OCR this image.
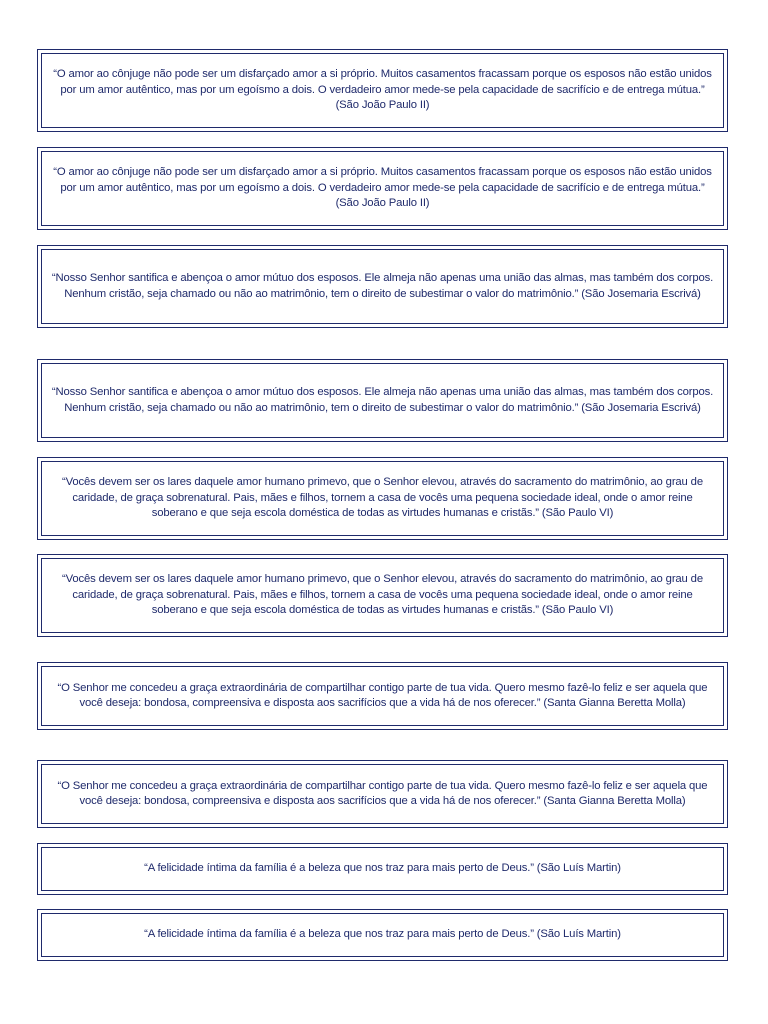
“O amor ao cônjuge não pode ser um disfarçado amor a si próprio. Muitos casamentos fracassam porque os esposos não estão unidos por um amor autêntico, mas por um egoísmo a dois. O verdadeiro amor mede-se pela capacidade de sacrifício e de entrega mútua.” (São João Paulo II)

“O amor ao cônjuge não pode ser um disfarçado amor a si próprio. Muitos casamentos fracassam porque os esposos não estão unidos por um amor autêntico, mas por um egoísmo a dois. O verdadeiro amor mede-se pela capacidade de sacrifício e de entrega mútua.” (São João Paulo II)

“Nosso Senhor santifica e abençoa o amor mútuo dos esposos. Ele almeja não apenas uma união das almas, mas também dos corpos. Nenhum cristão, seja chamado ou não ao matrimônio, tem o direito de subestimar o valor do matrimônio.” (São Josemaria Escrivá)

“Nosso Senhor santifica e abençoa o amor mútuo dos esposos. Ele almeja não apenas uma união das almas, mas também dos corpos. Nenhum cristão, seja chamado ou não ao matrimônio, tem o direito de subestimar o valor do matrimônio.” (São Josemaria Escrivá)

“Vocês devem ser os lares daquele amor humano primevo, que o Senhor elevou, através do sacramento do matrimônio, ao grau de caridade, de graça sobrenatural. Pais, mães e filhos, tornem a casa de vocês uma pequena sociedade ideal, onde o amor reine soberano e que seja escola doméstica de todas as virtudes humanas e cristãs.” (São Paulo VI)

“Vocês devem ser os lares daquele amor humano primevo, que o Senhor elevou, através do sacramento do matrimônio, ao grau de caridade, de graça sobrenatural. Pais, mães e filhos, tornem a casa de vocês uma pequena sociedade ideal, onde o amor reine soberano e que seja escola doméstica de todas as virtudes humanas e cristãs.” (São Paulo VI)

“O Senhor me concedeu a graça extraordinária de compartilhar contigo parte de tua vida. Quero mesmo fazê-lo feliz e ser aquela que você deseja: bondosa, compreensiva e disposta aos sacrifícios que a vida há de nos oferecer.” (Santa Gianna Beretta Molla)

“O Senhor me concedeu a graça extraordinária de compartilhar contigo parte de tua vida. Quero mesmo fazê-lo feliz e ser aquela que você deseja: bondosa, compreensiva e disposta aos sacrifícios que a vida há de nos oferecer.” (Santa Gianna Beretta Molla)

“A felicidade íntima da família é a beleza que nos traz para mais perto de Deus.” (São Luís Martin)

“A felicidade íntima da família é a beleza que nos traz para mais perto de Deus.” (São Luís Martin)
